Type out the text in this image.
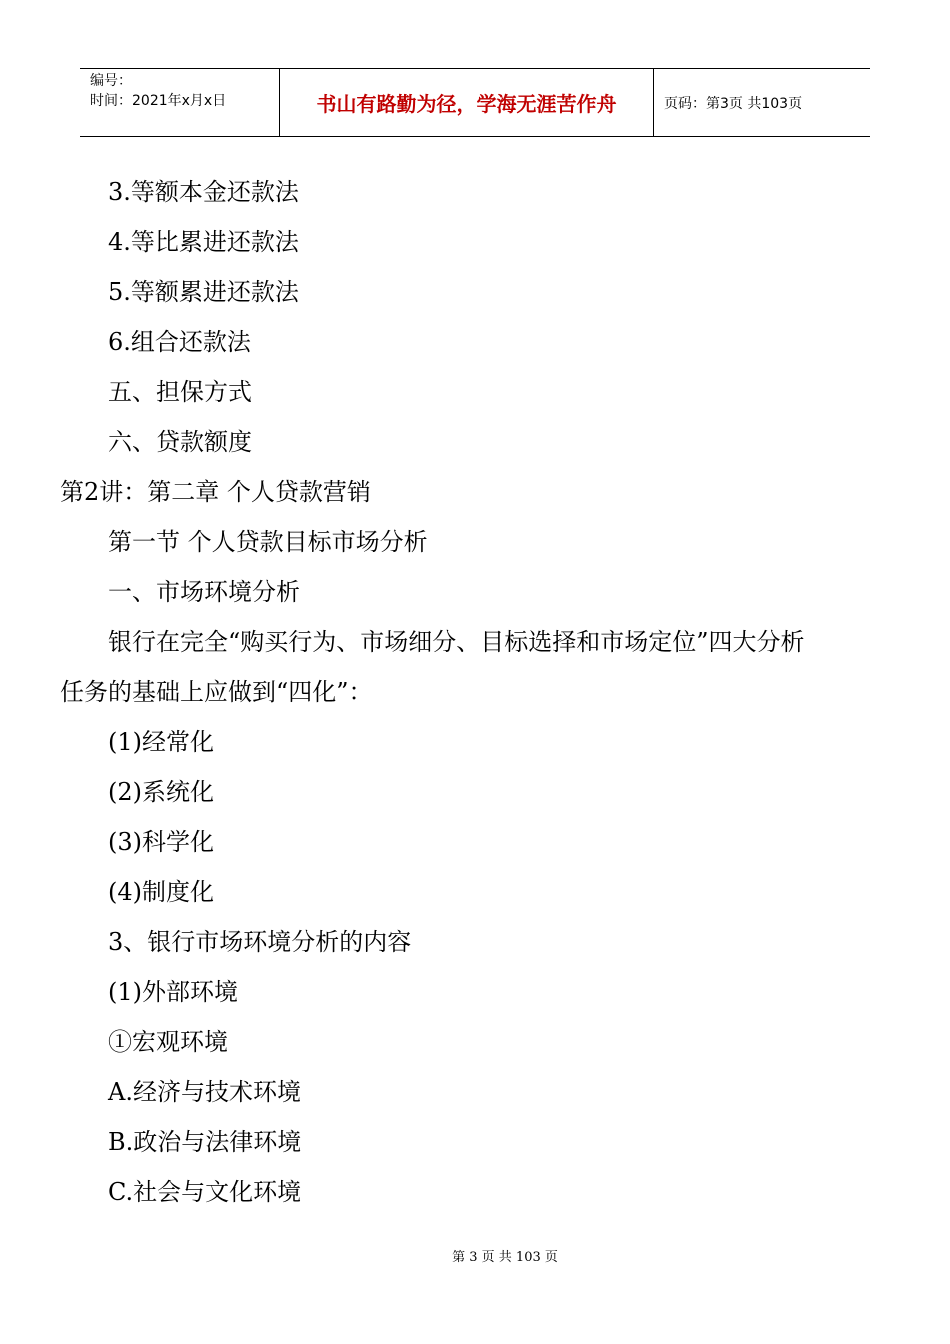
编号：
时间：2021年x月x日	书山有路勤为径，学海无涯苦作舟	页码：第3页 共103页
3.等额本金还款法
4.等比累进还款法
5.等额累进还款法
6.组合还款法
五、担保方式
六、贷款额度
第2讲：第二章 个人贷款营销
第一节 个人贷款目标市场分析
一、市场环境分析
银行在完全“购买行为、市场细分、目标选择和市场定位”四大分析
任务的基础上应做到“四化”：
(1)经常化
(2)系统化
(3)科学化
(4)制度化
3、银行市场环境分析的内容
(1)外部环境
①宏观环境
A.经济与技术环境
B.政治与法律环境
C.社会与文化环境
第 3 页 共 103 页
